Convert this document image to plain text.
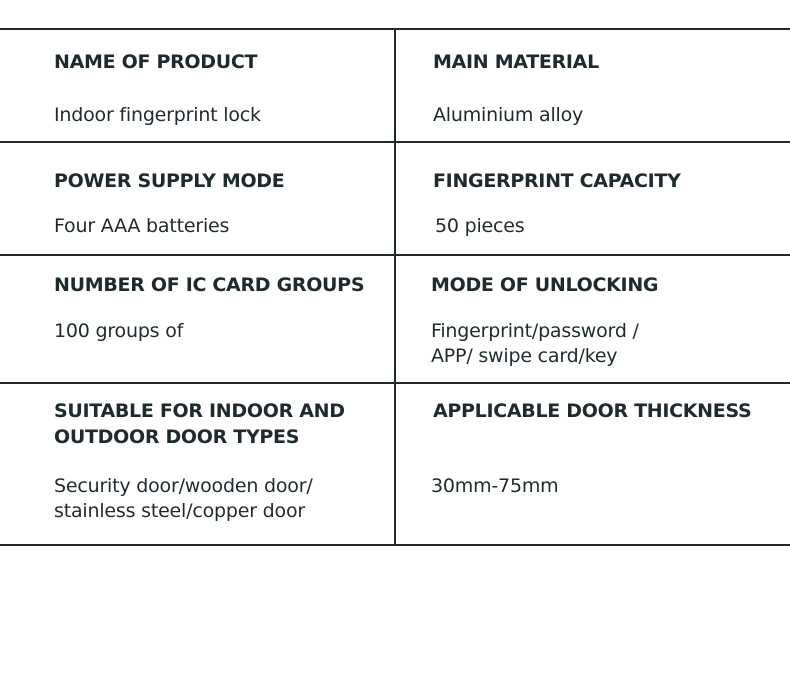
NAME OF PRODUCT
Indoor fingerprint lock
MAIN MATERIAL
Aluminium alloy
POWER SUPPLY MODE
Four AAA batteries
FINGERPRINT CAPACITY
50 pieces
NUMBER OF IC CARD GROUPS
100 groups of
MODE OF UNLOCKING
Fingerprint/password /
APP/ swipe card/key
SUITABLE FOR INDOOR AND
OUTDOOR DOOR TYPES
Security door/wooden door/
stainless steel/copper door
APPLICABLE DOOR THICKNESS
30mm-75mm
